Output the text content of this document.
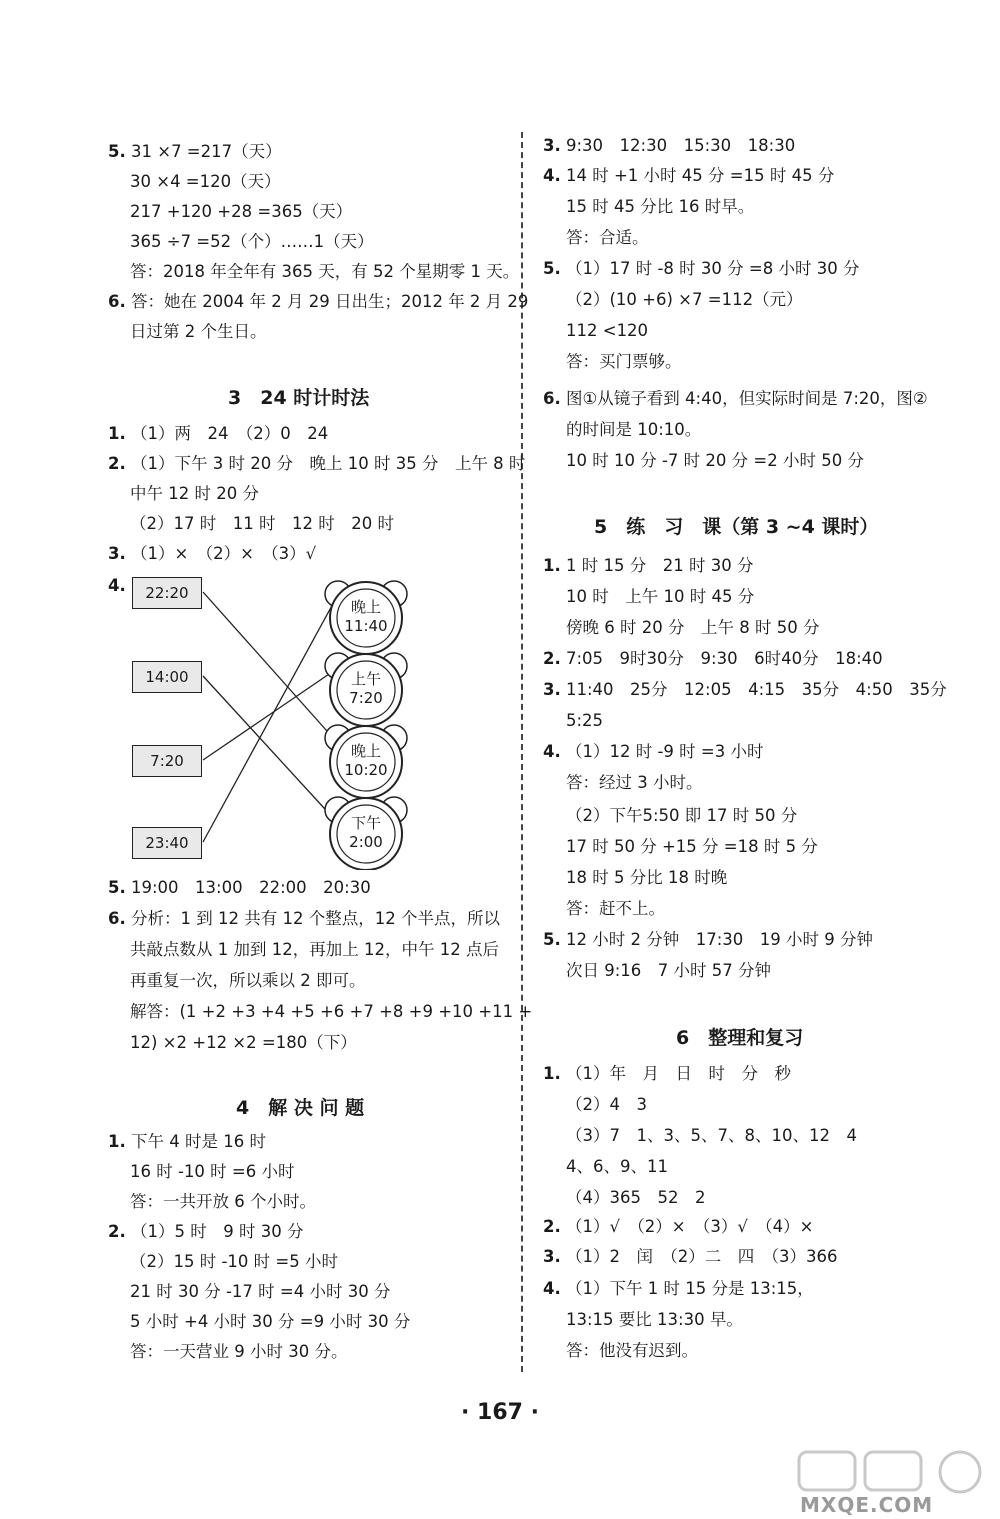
5. 31 ×7 =217（天）
30 ×4 =120（天）
217 +120 +28 =365（天）
365 ÷7 =52（个）……1（天）
答：2018 年全年有 365 天，有 52 个星期零 1 天。
6. 答：她在 2004 年 2 月 29 日出生；2012 年 2 月 29
日过第 2 个生日。
3　24 时计时法
1. （1）两　24　（2）0　24
2. （1）下午 3 时 20 分　晚上 10 时 35 分　上午 8 时
中午 12 时 20 分
（2）17 时　11 时　12 时　20 时
3. （1）×　（2）×　（3）√
4.	22:20
14:00
7:20
23:40
晚上
11:40
上午
7:20
晚上
10:20
下午
2:00
5. 19:00　13:00　22:00　20:30
6. 分析：1 到 12 共有 12 个整点，12 个半点，所以
共敲点数从 1 加到 12，再加上 12，中午 12 点后
再重复一次，所以乘以 2 即可。
解答：(1 +2 +3 +4 +5 +6 +7 +8 +9 +10 +11 +
12) ×2 +12 ×2 =180（下）
4　解 决 问 题
1. 下午 4 时是 16 时
16 时 -10 时 =6 小时
答：一共开放 6 个小时。
2. （1）5 时　9 时 30 分
（2）15 时 -10 时 =5 小时
21 时 30 分 -17 时 =4 小时 30 分
5 小时 +4 小时 30 分 =9 小时 30 分
答：一天营业 9 小时 30 分。
3. 9:30　12:30　15:30　18:30
4. 14 时 +1 小时 45 分 =15 时 45 分
15 时 45 分比 16 时早。
答：合适。
5. （1）17 时 -8 时 30 分 =8 小时 30 分
（2）(10 +6) ×7 =112（元）
112 <120
答：买门票够。
6. 图①从镜子看到 4:40，但实际时间是 7:20，图②
的时间是 10:10。
10 时 10 分 -7 时 20 分 =2 小时 50 分
5　练　习　课（第 3 ~4 课时）
1. 1 时 15 分　21 时 30 分
10 时　上午 10 时 45 分
傍晚 6 时 20 分　上午 8 时 50 分
2. 7:05　9时30分　9:30　6时40分　18:40
3. 11:40　25分　12:05　4:15　35分　4:50　35分
5:25
4. （1）12 时 -9 时 =3 小时
答：经过 3 小时。
（2）下午5:50 即 17 时 50 分
17 时 50 分 +15 分 =18 时 5 分
18 时 5 分比 18 时晚
答：赶不上。
5. 12 小时 2 分钟　17:30　19 小时 9 分钟
次日 9:16　7 小时 57 分钟
6　整理和复习
1. （1）年　月　日　时　分　秒
（2）4　3
（3）7　1、3、5、7、8、10、12　4
4、6、9、11
（4）365　52　2
2. （1）√　（2）×　（3）√　（4）×
3. （1）2　闰　（2）二　四　（3）366
4. （1）下午 1 时 15 分是 13:15，
13:15 要比 13:30 早。
答：他没有迟到。
· 167 ·
MXQE.COM
